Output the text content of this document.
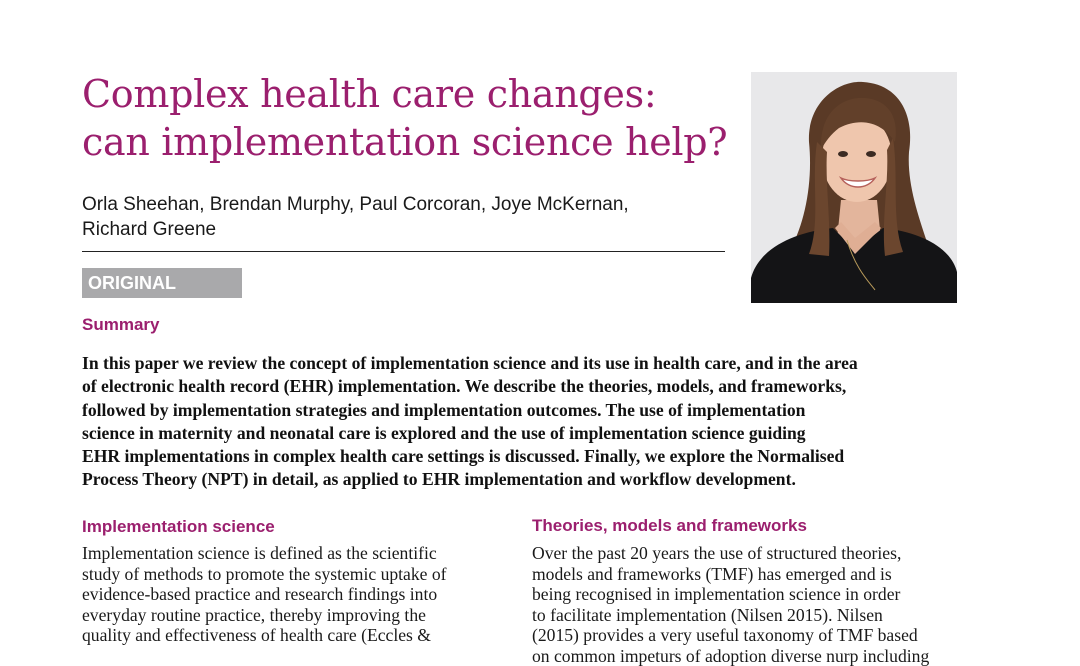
Complex health care changes:
can implementation science help?
Orla Sheehan, Brendan Murphy, Paul Corcoran, Joye McKernan,
Richard Greene
ORIGINAL
Summary
In this paper we review the concept of implementation science and its use in health care, and in the area
of electronic health record (EHR) implementation. We describe the theories, models, and frameworks,
followed by implementation strategies and implementation outcomes. The use of implementation
science in maternity and neonatal care is explored and the use of implementation science guiding
EHR implementations in complex health care settings is discussed. Finally, we explore the Normalised
Process Theory (NPT) in detail, as applied to EHR implementation and workflow development.
Implementation science
Implementation science is defined as the scientific
study of methods to promote the systemic uptake of
evidence-based practice and research findings into
everyday routine practice, thereby improving the
quality and effectiveness of health care (Eccles &
Theories, models and frameworks
Over the past 20 years the use of structured theories,
models and frameworks (TMF) has emerged and is
being recognised in implementation science in order
to facilitate implementation (Nilsen 2015). Nilsen
(2015) provides a very useful taxonomy of TMF based
on common impeturs of adoption diverse nurp including
